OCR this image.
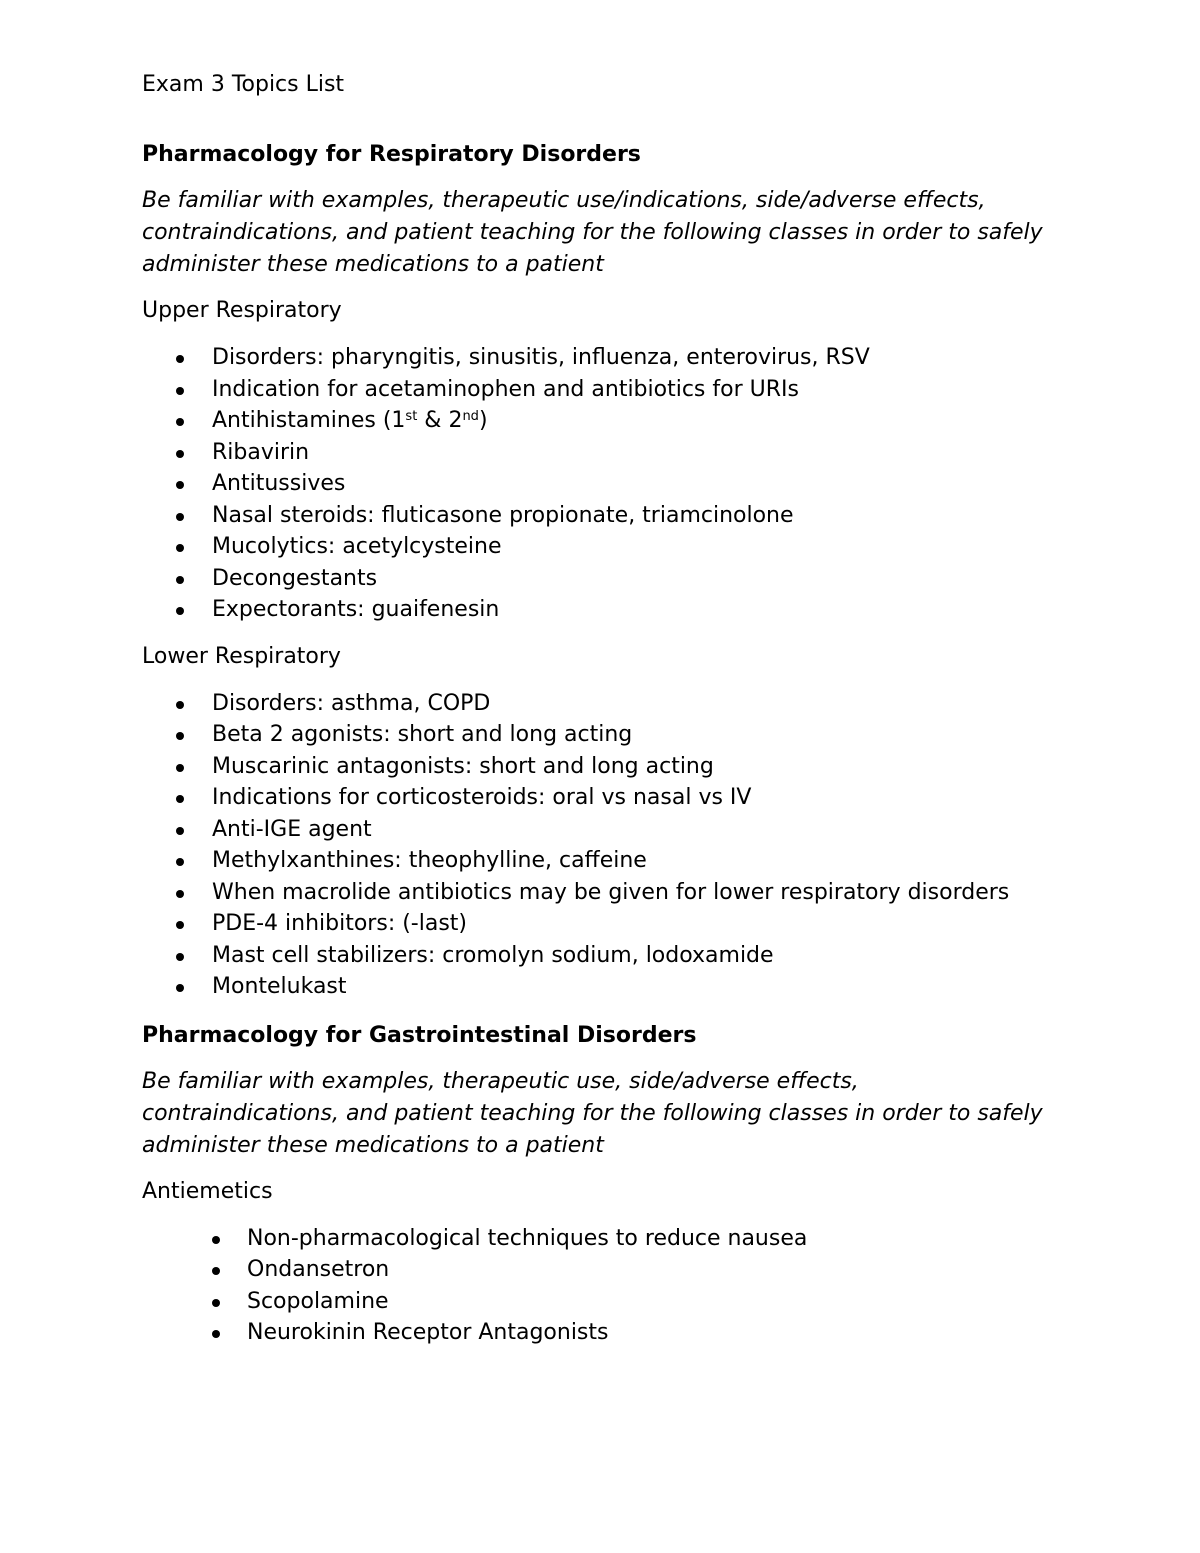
Exam 3 Topics List
Pharmacology for Respiratory Disorders

Be familiar with examples, therapeutic use/indications, side/adverse effects, contraindications, and patient teaching for the following classes in order to safely administer these medications to a patient

Upper Respiratory

Disorders: pharyngitis, sinusitis, influenza, enterovirus, RSV
Indication for acetaminophen and antibiotics for URIs
Antihistamines (1st & 2nd)
Ribavirin
Antitussives
Nasal steroids: fluticasone propionate, triamcinolone
Mucolytics: acetylcysteine
Decongestants
Expectorants: guaifenesin

Lower Respiratory

Disorders: asthma, COPD
Beta 2 agonists: short and long acting
Muscarinic antagonists: short and long acting
Indications for corticosteroids: oral vs nasal vs IV
Anti-IGE agent
Methylxanthines: theophylline, caffeine
When macrolide antibiotics may be given for lower respiratory disorders
PDE-4 inhibitors: (-last)
Mast cell stabilizers: cromolyn sodium, lodoxamide
Montelukast
Pharmacology for Gastrointestinal Disorders

Be familiar with examples, therapeutic use, side/adverse effects, contraindications, and patient teaching for the following classes in order to safely administer these medications to a patient

Antiemetics

Non-pharmacological techniques to reduce nausea
Ondansetron
Scopolamine
Neurokinin Receptor Antagonists
